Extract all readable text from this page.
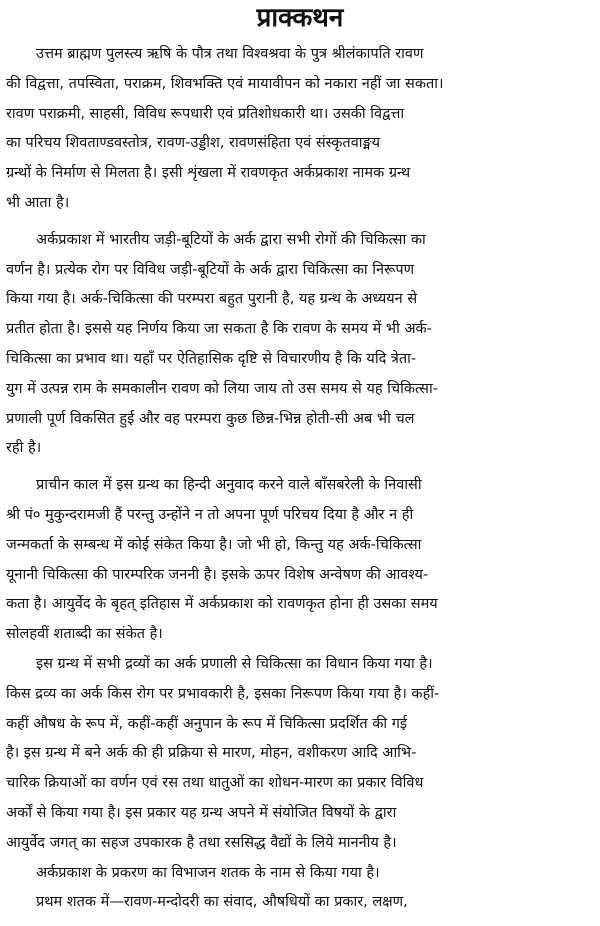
प्राक्कथन

उत्तम ब्राह्मण पुलस्त्य ऋषि के पौत्र तथा विश्वश्रवा के पुत्र श्रीलंकापति रावण
की विद्वत्ता, तपस्विता, पराक्रम, शिवभक्ति एवं मायावीपन को नकारा नहीं जा सकता।
रावण पराक्रमी, साहसी, विविध रूपधारी एवं प्रतिशोधकारी था। उसकी विद्वत्ता
का परिचय शिवताण्डवस्तोत्र, रावण-उड्डीश, रावणसंहिता एवं संस्कृतवाङ्मय
ग्रन्थों के निर्माण से मिलता है। इसी शृंखला में रावणकृत अर्कप्रकाश नामक ग्रन्थ
भी आता है।

अर्कप्रकाश में भारतीय जड़ी-बूटियों के अर्क द्वारा सभी रोगों की चिकित्सा का
वर्णन है। प्रत्येक रोग पर विविध जड़ी-बूटियों के अर्क द्वारा चिकित्सा का निरूपण
किया गया है। अर्क-चिकित्सा की परम्परा बहुत पुरानी है, यह ग्रन्थ के अध्ययन से
प्रतीत होता है। इससे यह निर्णय किया जा सकता है कि रावण के समय में भी अर्क-
चिकित्सा का प्रभाव था। यहाँ पर ऐतिहासिक दृष्टि से विचारणीय है कि यदि त्रेता-
युग में उत्पन्न राम के समकालीन रावण को लिया जाय तो उस समय से यह चिकित्सा-
प्रणाली पूर्ण विकसित हुई और वह परम्परा कुछ छिन्न-भिन्न होती-सी अब भी चल
रही है।

प्राचीन काल में इस ग्रन्थ का हिन्दी अनुवाद करने वाले बाँसबरेली के निवासी
श्री पं० मुकुन्दरामजी हैं परन्तु उन्होंने न तो अपना पूर्ण परिचय दिया है और न ही
जन्मकर्ता के सम्बन्ध में कोई संकेत किया है। जो भी हो, किन्तु यह अर्क-चिकित्सा
यूनानी चिकित्सा की पारम्परिक जननी है। इसके ऊपर विशेष अन्वेषण की आवश्य-
कता है। आयुर्वेद के बृहत् इतिहास में अर्कप्रकाश को रावणकृत होना ही उसका समय
सोलहवीं शताब्दी का संकेत है।

इस ग्रन्थ में सभी द्रव्यों का अर्क प्रणाली से चिकित्सा का विधान किया गया है।
किस द्रव्य का अर्क किस रोग पर प्रभावकारी है, इसका निरूपण किया गया है। कहीं-
कहीं औषध के रूप में, कहीं-कहीं अनुपान के रूप में चिकित्सा प्रदर्शित की गई
है। इस ग्रन्थ में बने अर्क की ही प्रक्रिया से मारण, मोहन, वशीकरण आदि आभि-
चारिक क्रियाओं का वर्णन एवं रस तथा धातुओं का शोधन-मारण का प्रकार विविध
अर्कों से किया गया है। इस प्रकार यह ग्रन्थ अपने में संयोजित विषयों के द्वारा
आयुर्वेद जगत् का सहज उपकारक है तथा रससिद्ध वैद्यों के लिये माननीय है।

अर्कप्रकाश के प्रकरण का विभाजन शतक के नाम से किया गया है।

प्रथम शतक में—रावण-मन्दोदरी का संवाद, औषधियों का प्रकार, लक्षण,
